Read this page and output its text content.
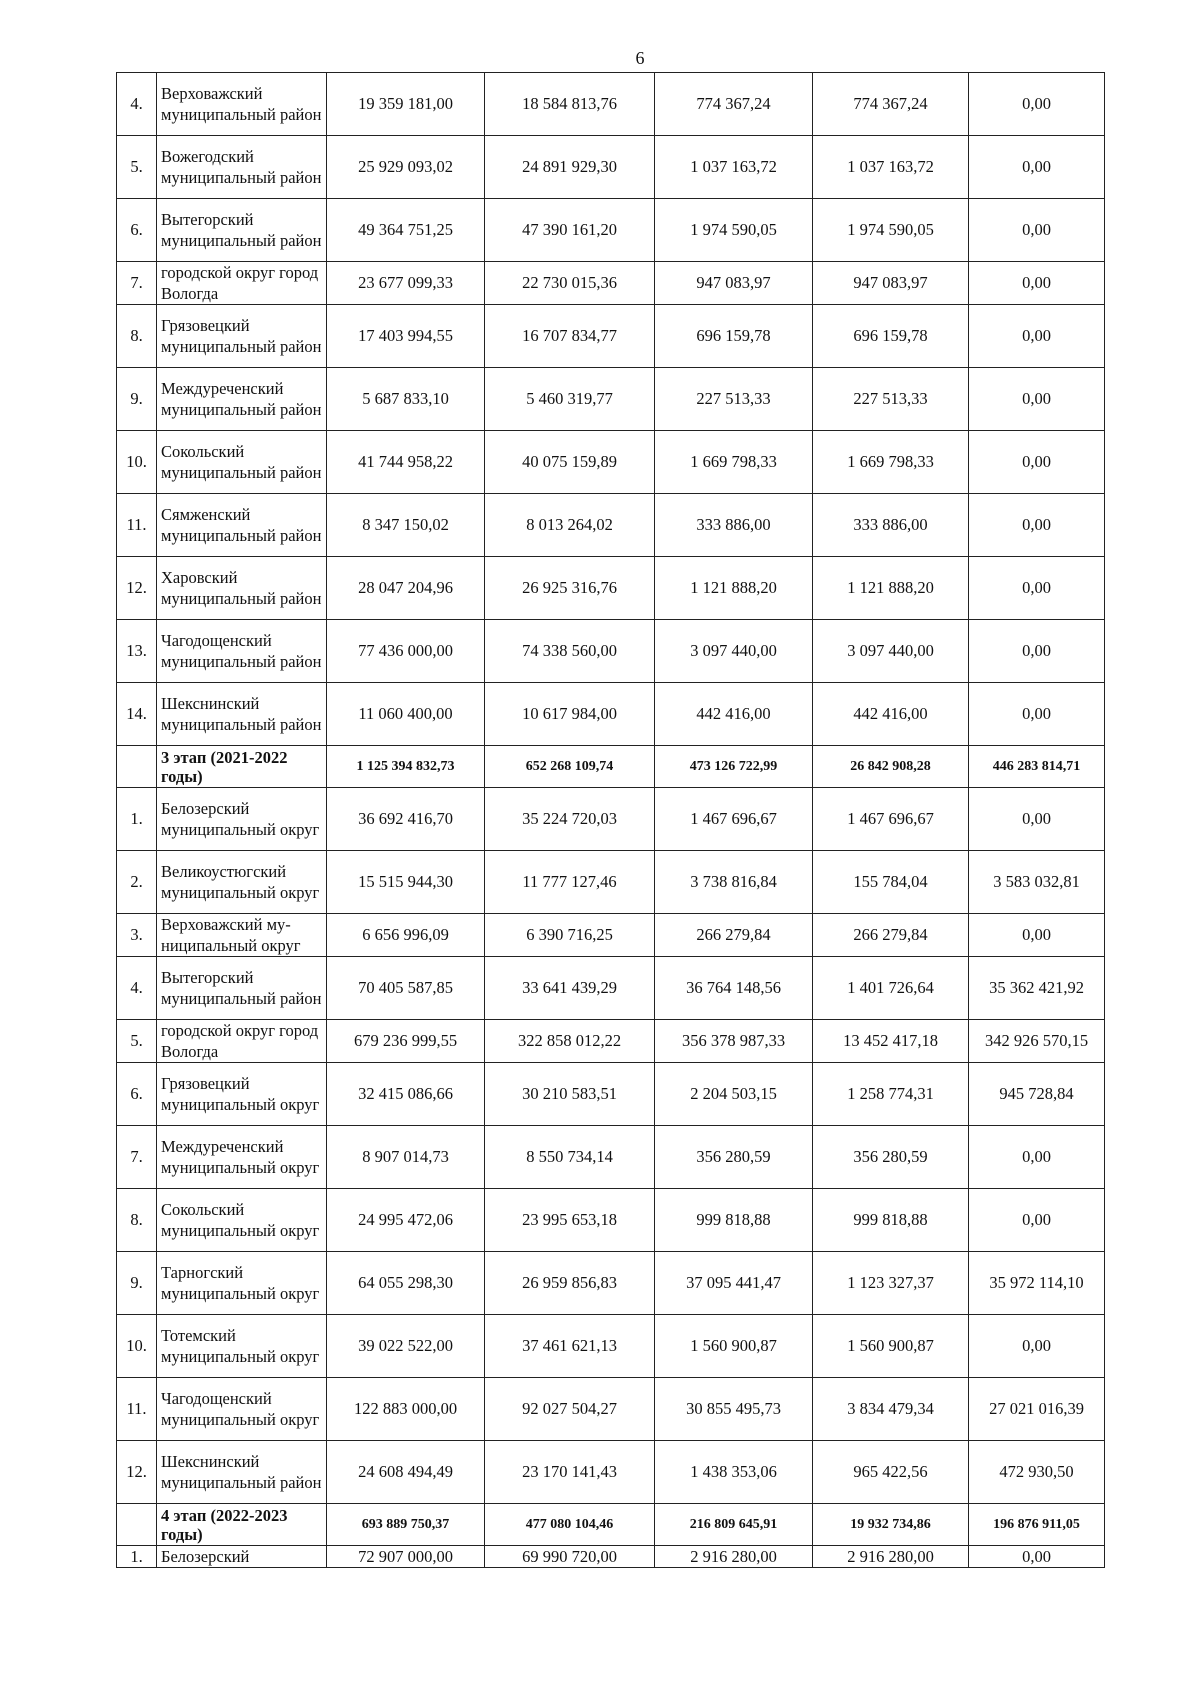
6
4.	Верховажский муниципальный район	19 359 181,00	18 584 813,76	774 367,24	774 367,24	0,00
5.	Вожегодский муниципальный район	25 929 093,02	24 891 929,30	1 037 163,72	1 037 163,72	0,00
6.	Вытегорский муниципальный район	49 364 751,25	47 390 161,20	1 974 590,05	1 974 590,05	0,00
7.	городской округ город Вологда	23 677 099,33	22 730 015,36	947 083,97	947 083,97	0,00
8.	Грязовецкий муниципальный район	17 403 994,55	16 707 834,77	696 159,78	696 159,78	0,00
9.	Междуреченский муниципальный район	5 687 833,10	5 460 319,77	227 513,33	227 513,33	0,00
10.	Сокольский муниципальный район	41 744 958,22	40 075 159,89	1 669 798,33	1 669 798,33	0,00
11.	Сямженский муниципальный район	8 347 150,02	8 013 264,02	333 886,00	333 886,00	0,00
12.	Харовский муниципальный район	28 047 204,96	26 925 316,76	1 121 888,20	1 121 888,20	0,00
13.	Чагодощенский муниципальный район	77 436 000,00	74 338 560,00	3 097 440,00	3 097 440,00	0,00
14.	Шекснинский муниципальный район	11 060 400,00	10 617 984,00	442 416,00	442 416,00	0,00
	3 этап (2021-2022 годы)	1 125 394 832,73	652 268 109,74	473 126 722,99	26 842 908,28	446 283 814,71
1.	Белозерский муниципальный округ	36 692 416,70	35 224 720,03	1 467 696,67	1 467 696,67	0,00
2.	Великоустюгский муниципальный округ	15 515 944,30	11 777 127,46	3 738 816,84	155 784,04	3 583 032,81
3.	Верховажский му-ниципальный округ	6 656 996,09	6 390 716,25	266 279,84	266 279,84	0,00
4.	Вытегорский муниципальный район	70 405 587,85	33 641 439,29	36 764 148,56	1 401 726,64	35 362 421,92
5.	городской округ город Вологда	679 236 999,55	322 858 012,22	356 378 987,33	13 452 417,18	342 926 570,15
6.	Грязовецкий муниципальный округ	32 415 086,66	30 210 583,51	2 204 503,15	1 258 774,31	945 728,84
7.	Междуреченский муниципальный округ	8 907 014,73	8 550 734,14	356 280,59	356 280,59	0,00
8.	Сокольский муниципальный округ	24 995 472,06	23 995 653,18	999 818,88	999 818,88	0,00
9.	Тарногский муниципальный округ	64 055 298,30	26 959 856,83	37 095 441,47	1 123 327,37	35 972 114,10
10.	Тотемский муниципальный округ	39 022 522,00	37 461 621,13	1 560 900,87	1 560 900,87	0,00
11.	Чагодощенский муниципальный округ	122 883 000,00	92 027 504,27	30 855 495,73	3 834 479,34	27 021 016,39
12.	Шекснинский муниципальный район	24 608 494,49	23 170 141,43	1 438 353,06	965 422,56	472 930,50
	4 этап (2022-2023 годы)	693 889 750,37	477 080 104,46	216 809 645,91	19 932 734,86	196 876 911,05
1.	Белозерский	72 907 000,00	69 990 720,00	2 916 280,00	2 916 280,00	0,00
